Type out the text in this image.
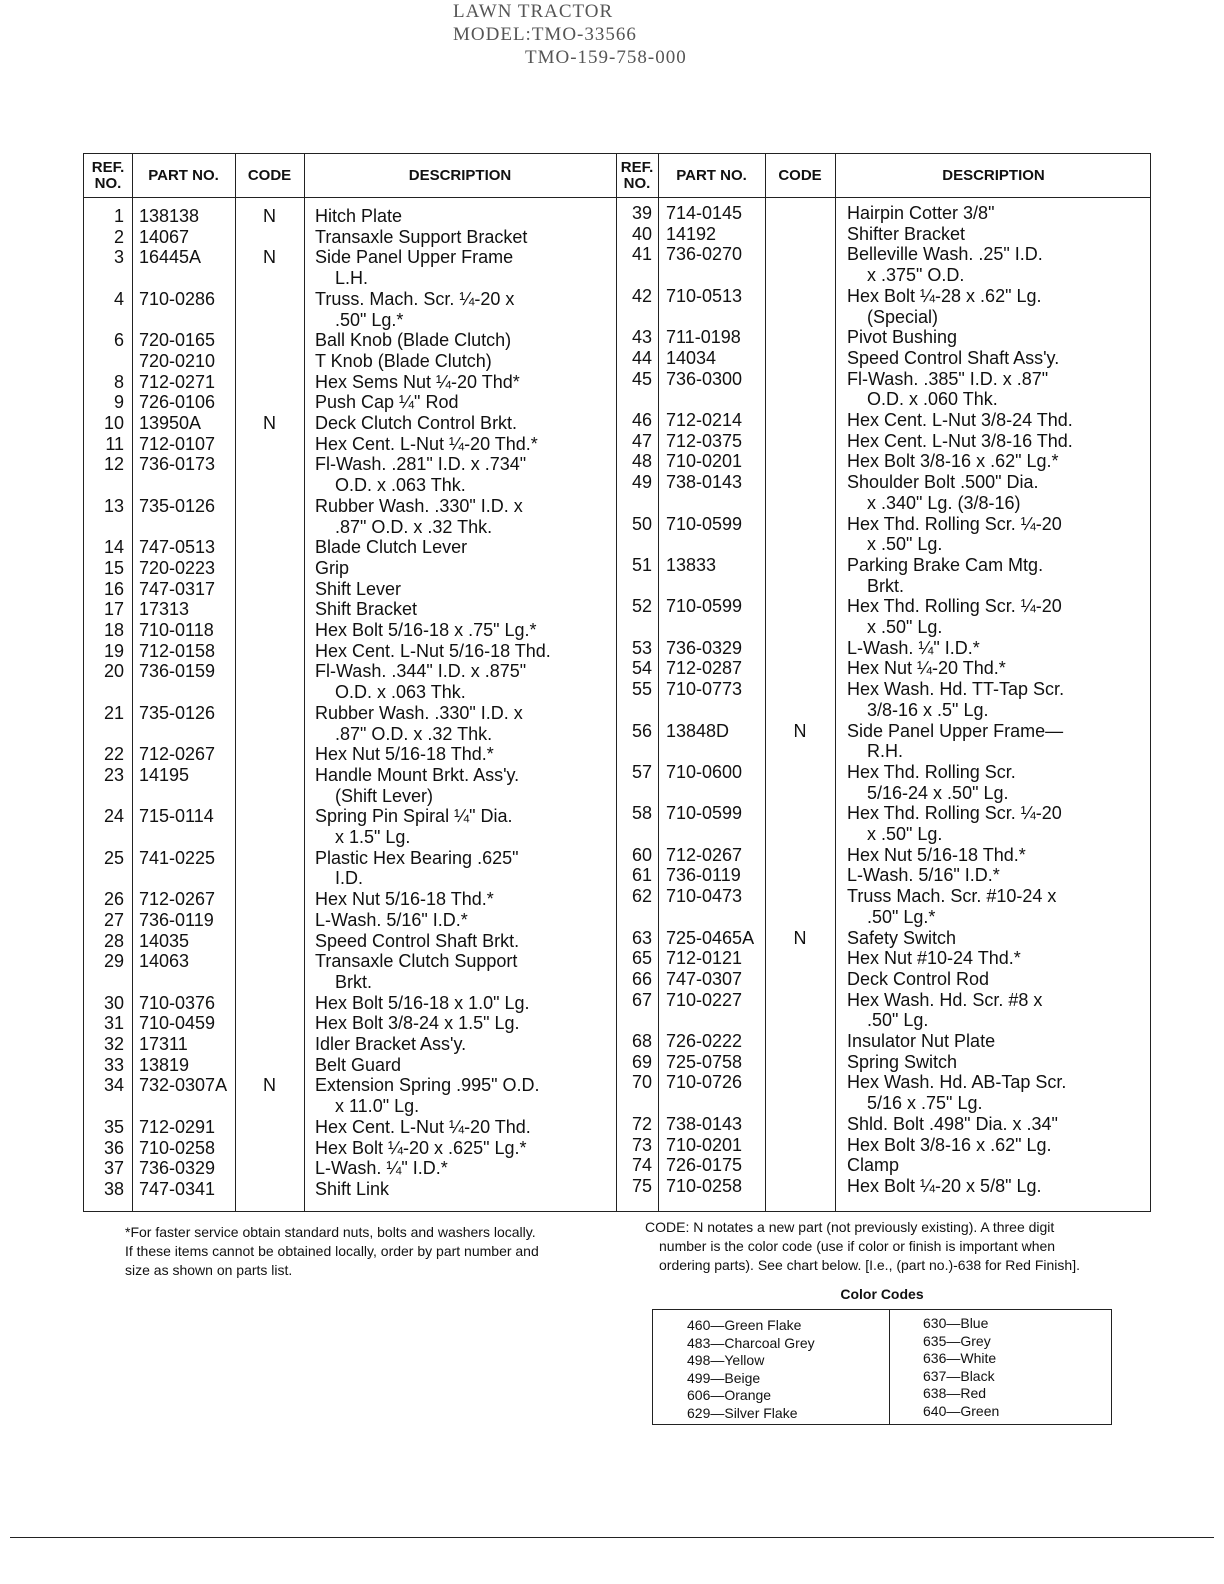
LAWN TRACTOR
MODEL:TMO-33566
TMO-159-758-000
REF. NO.	PART NO.	CODE	DESCRIPTION	REF. NO.	PART NO.	CODE	DESCRIPTION
1 138138	N	Hitch Plate
2 14067	Transaxle Support Bracket
3 16445A	N	Side Panel Upper Frame
L.H.
4 710-0286	Truss. Mach. Scr. ¼-20 x
.50" Lg.*
6 720-0165	Ball Knob (Blade Clutch)
720-0210	T Knob (Blade Clutch)
8 712-0271	Hex Sems Nut ¼-20 Thd*
9 726-0106	Push Cap ¼" Rod
10 13950A	N	Deck Clutch Control Brkt.
11 712-0107	Hex Cent. L-Nut ¼-20 Thd.*
12 736-0173	Fl-Wash. .281" I.D. x .734"
O.D. x .063 Thk.
13 735-0126	Rubber Wash. .330" I.D. x
.87" O.D. x .32 Thk.
14 747-0513	Blade Clutch Lever
15 720-0223	Grip
16 747-0317	Shift Lever
17 17313	Shift Bracket
18 710-0118	Hex Bolt 5/16-18 x .75" Lg.*
19 712-0158	Hex Cent. L-Nut 5/16-18 Thd.
20 736-0159	Fl-Wash. .344" I.D. x .875"
O.D. x .063 Thk.
21 735-0126	Rubber Wash. .330" I.D. x
.87" O.D. x .32 Thk.
22 712-0267	Hex Nut 5/16-18 Thd.*
23 14195	Handle Mount Brkt. Ass'y.
(Shift Lever)
24 715-0114	Spring Pin Spiral ¼" Dia.
x 1.5" Lg.
25 741-0225	Plastic Hex Bearing .625"
I.D.
26 712-0267	Hex Nut 5/16-18 Thd.*
27 736-0119	L-Wash. 5/16" I.D.*
28 14035	Speed Control Shaft Brkt.
29 14063	Transaxle Clutch Support
Brkt.
30 710-0376	Hex Bolt 5/16-18 x 1.0" Lg.
31 710-0459	Hex Bolt 3/8-24 x 1.5" Lg.
32 17311	Idler Bracket Ass'y.
33 13819	Belt Guard
34 732-0307A	N	Extension Spring .995" O.D.
x 11.0" Lg.
35 712-0291	Hex Cent. L-Nut ¼-20 Thd.
36 710-0258	Hex Bolt ¼-20 x .625" Lg.*
37 736-0329	L-Wash. ¼" I.D.*
38 747-0341	Shift Link
39 714-0145	Hairpin Cotter 3/8"
40 14192	Shifter Bracket
41 736-0270	Belleville Wash. .25" I.D.
x .375" O.D.
42 710-0513	Hex Bolt ¼-28 x .62" Lg.
(Special)
43 711-0198	Pivot Bushing
44 14034	Speed Control Shaft Ass'y.
45 736-0300	Fl-Wash. .385" I.D. x .87"
O.D. x .060 Thk.
46 712-0214	Hex Cent. L-Nut 3/8-24 Thd.
47 712-0375	Hex Cent. L-Nut 3/8-16 Thd.
48 710-0201	Hex Bolt 3/8-16 x .62" Lg.*
49 738-0143	Shoulder Bolt .500" Dia.
x .340" Lg. (3/8-16)
50 710-0599	Hex Thd. Rolling Scr. ¼-20
x .50" Lg.
51 13833	Parking Brake Cam Mtg.
Brkt.
52 710-0599	Hex Thd. Rolling Scr. ¼-20
x .50" Lg.
53 736-0329	L-Wash. ¼" I.D.*
54 712-0287	Hex Nut ¼-20 Thd.*
55 710-0773	Hex Wash. Hd. TT-Tap Scr.
3/8-16 x .5" Lg.
56 13848D	N	Side Panel Upper Frame—
R.H.
57 710-0600	Hex Thd. Rolling Scr.
5/16-24 x .50" Lg.
58 710-0599	Hex Thd. Rolling Scr. ¼-20
x .50" Lg.
60 712-0267	Hex Nut 5/16-18 Thd.*
61 736-0119	L-Wash. 5/16" I.D.*
62 710-0473	Truss Mach. Scr. #10-24 x
.50" Lg.*
63 725-0465A	N	Safety Switch
65 712-0121	Hex Nut #10-24 Thd.*
66 747-0307	Deck Control Rod
67 710-0227	Hex Wash. Hd. Scr. #8 x
.50" Lg.
68 726-0222	Insulator Nut Plate
69 725-0758	Spring Switch
70 710-0726	Hex Wash. Hd. AB-Tap Scr.
5/16 x .75" Lg.
72 738-0143	Shld. Bolt .498" Dia. x .34"
73 710-0201	Hex Bolt 3/8-16 x .62" Lg.
74 726-0175	Clamp
75 710-0258	Hex Bolt ¼-20 x 5/8" Lg.
*For faster service obtain standard nuts, bolts and washers locally.
If these items cannot be obtained locally, order by part number and
size as shown on parts list.
CODE: N notates a new part (not previously existing). A three digit
number is the color code (use if color or finish is important when
ordering parts). See chart below. [I.e., (part no.)-638 for Red Finish].
Color Codes
460—Green Flake
483—Charcoal Grey
498—Yellow
499—Beige
606—Orange
629—Silver Flake
630—Blue
635—Grey
636—White
637—Black
638—Red
640—Green
